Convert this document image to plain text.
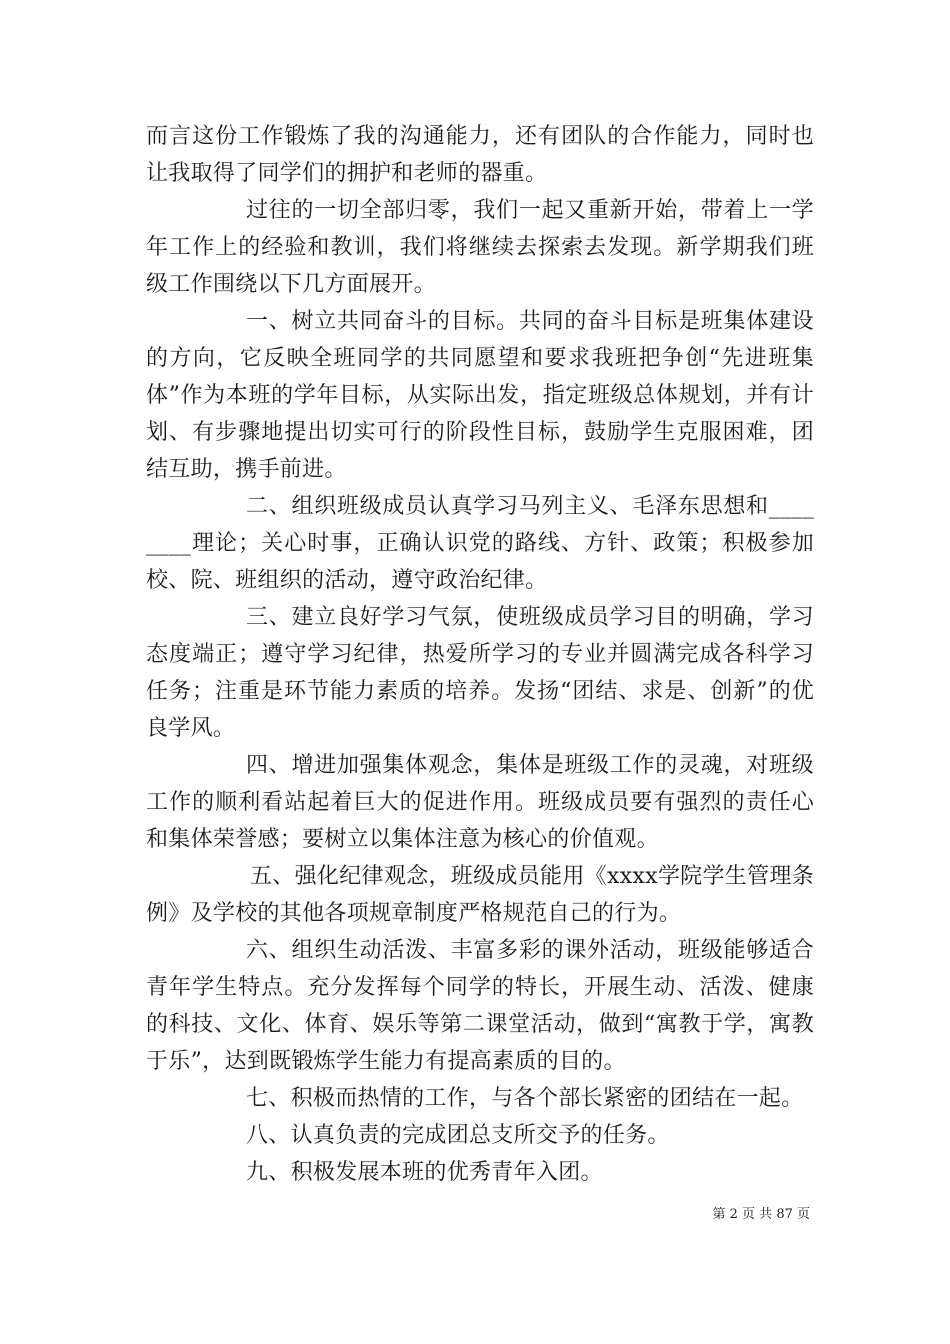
而言这份工作锻炼了我的沟通能力，还有团队的合作能力，同时也让我取得了同学们的拥护和老师的器重。

过往的一切全部归零，我们一起又重新开始，带着上一学年工作上的经验和教训，我们将继续去探索去发现。新学期我们班级工作围绕以下几方面展开。

一、树立共同奋斗的目标。共同的奋斗目标是班集体建设的方向，它反映全班同学的共同愿望和要求我班把争创“先进班集体”作为本班的学年目标，从实际出发，指定班级总体规划，并有计划、有步骤地提出切实可行的阶段性目标，鼓励学生克服困难，团结互助，携手前进。

二、组织班级成员认真学习马列主义、毛泽东思想和________理论；关心时事，正确认识党的路线、方针、政策；积极参加校、院、班组织的活动，遵守政治纪律。

三、建立良好学习气氛，使班级成员学习目的明确，学习态度端正；遵守学习纪律，热爱所学习的专业并圆满完成各科学习任务；注重是环节能力素质的培养。发扬“团结、求是、创新”的优良学风。

四、增进加强集体观念，集体是班级工作的灵魂，对班级工作的顺利看站起着巨大的促进作用。班级成员要有强烈的责任心和集体荣誉感；要树立以集体注意为核心的价值观。

五、强化纪律观念，班级成员能用《xxxx学院学生管理条例》及学校的其他各项规章制度严格规范自己的行为。

六、组织生动活泼、丰富多彩的课外活动，班级能够适合青年学生特点。充分发挥每个同学的特长，开展生动、活泼、健康的科技、文化、体育、娱乐等第二课堂活动，做到“寓教于学，寓教于乐”，达到既锻炼学生能力有提高素质的目的。

七、积极而热情的工作，与各个部长紧密的团结在一起。

八、认真负责的完成团总支所交予的任务。

九、积极发展本班的优秀青年入团。

第 2 页 共 87 页
